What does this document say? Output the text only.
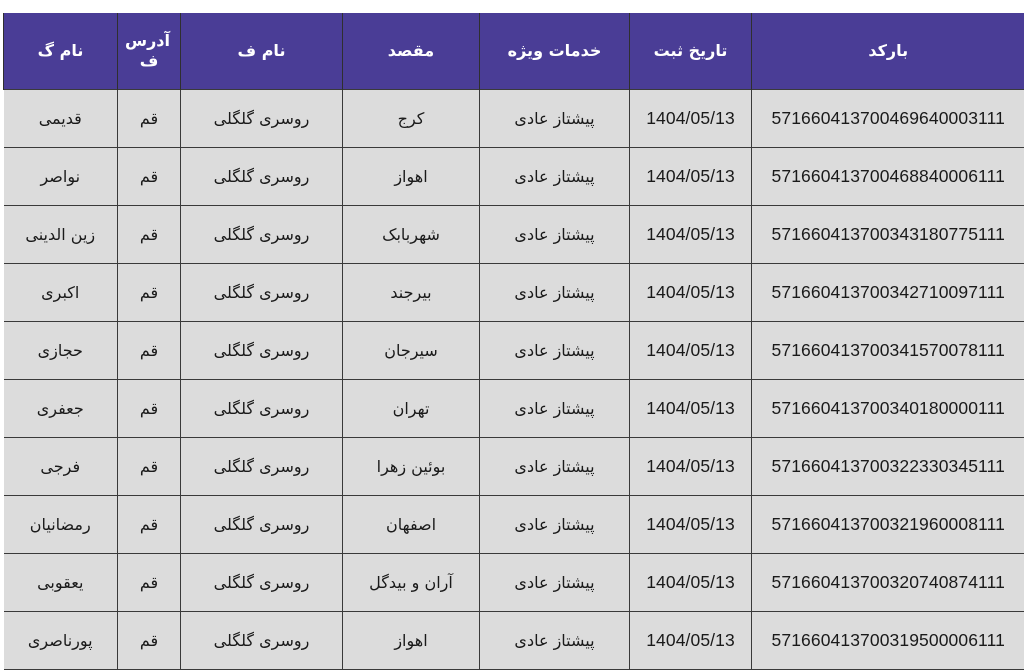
بارکد	تاریخ ثبت	خدمات ویژه	مقصد	نام ف	آدرس ف	نام گ
571660413700469640003111	1404/05/13	پیشتاز عادی	کرج	روسری گلگلی	قم	قدیمی
571660413700468840006111	1404/05/13	پیشتاز عادی	اهواز	روسری گلگلی	قم	نواصر
571660413700343180775111	1404/05/13	پیشتاز عادی	شهربابک	روسری گلگلی	قم	زین الدینی
571660413700342710097111	1404/05/13	پیشتاز عادی	بیرجند	روسری گلگلی	قم	اکبری
571660413700341570078111	1404/05/13	پیشتاز عادی	سیرجان	روسری گلگلی	قم	حجازی
571660413700340180000111	1404/05/13	پیشتاز عادی	تهران	روسری گلگلی	قم	جعفری
571660413700322330345111	1404/05/13	پیشتاز عادی	بوئین زهرا	روسری گلگلی	قم	فرجی
571660413700321960008111	1404/05/13	پیشتاز عادی	اصفهان	روسری گلگلی	قم	رمضانیان
571660413700320740874111	1404/05/13	پیشتاز عادی	آران و بیدگل	روسری گلگلی	قم	یعقوبی
571660413700319500006111	1404/05/13	پیشتاز عادی	اهواز	روسری گلگلی	قم	پورناصری
